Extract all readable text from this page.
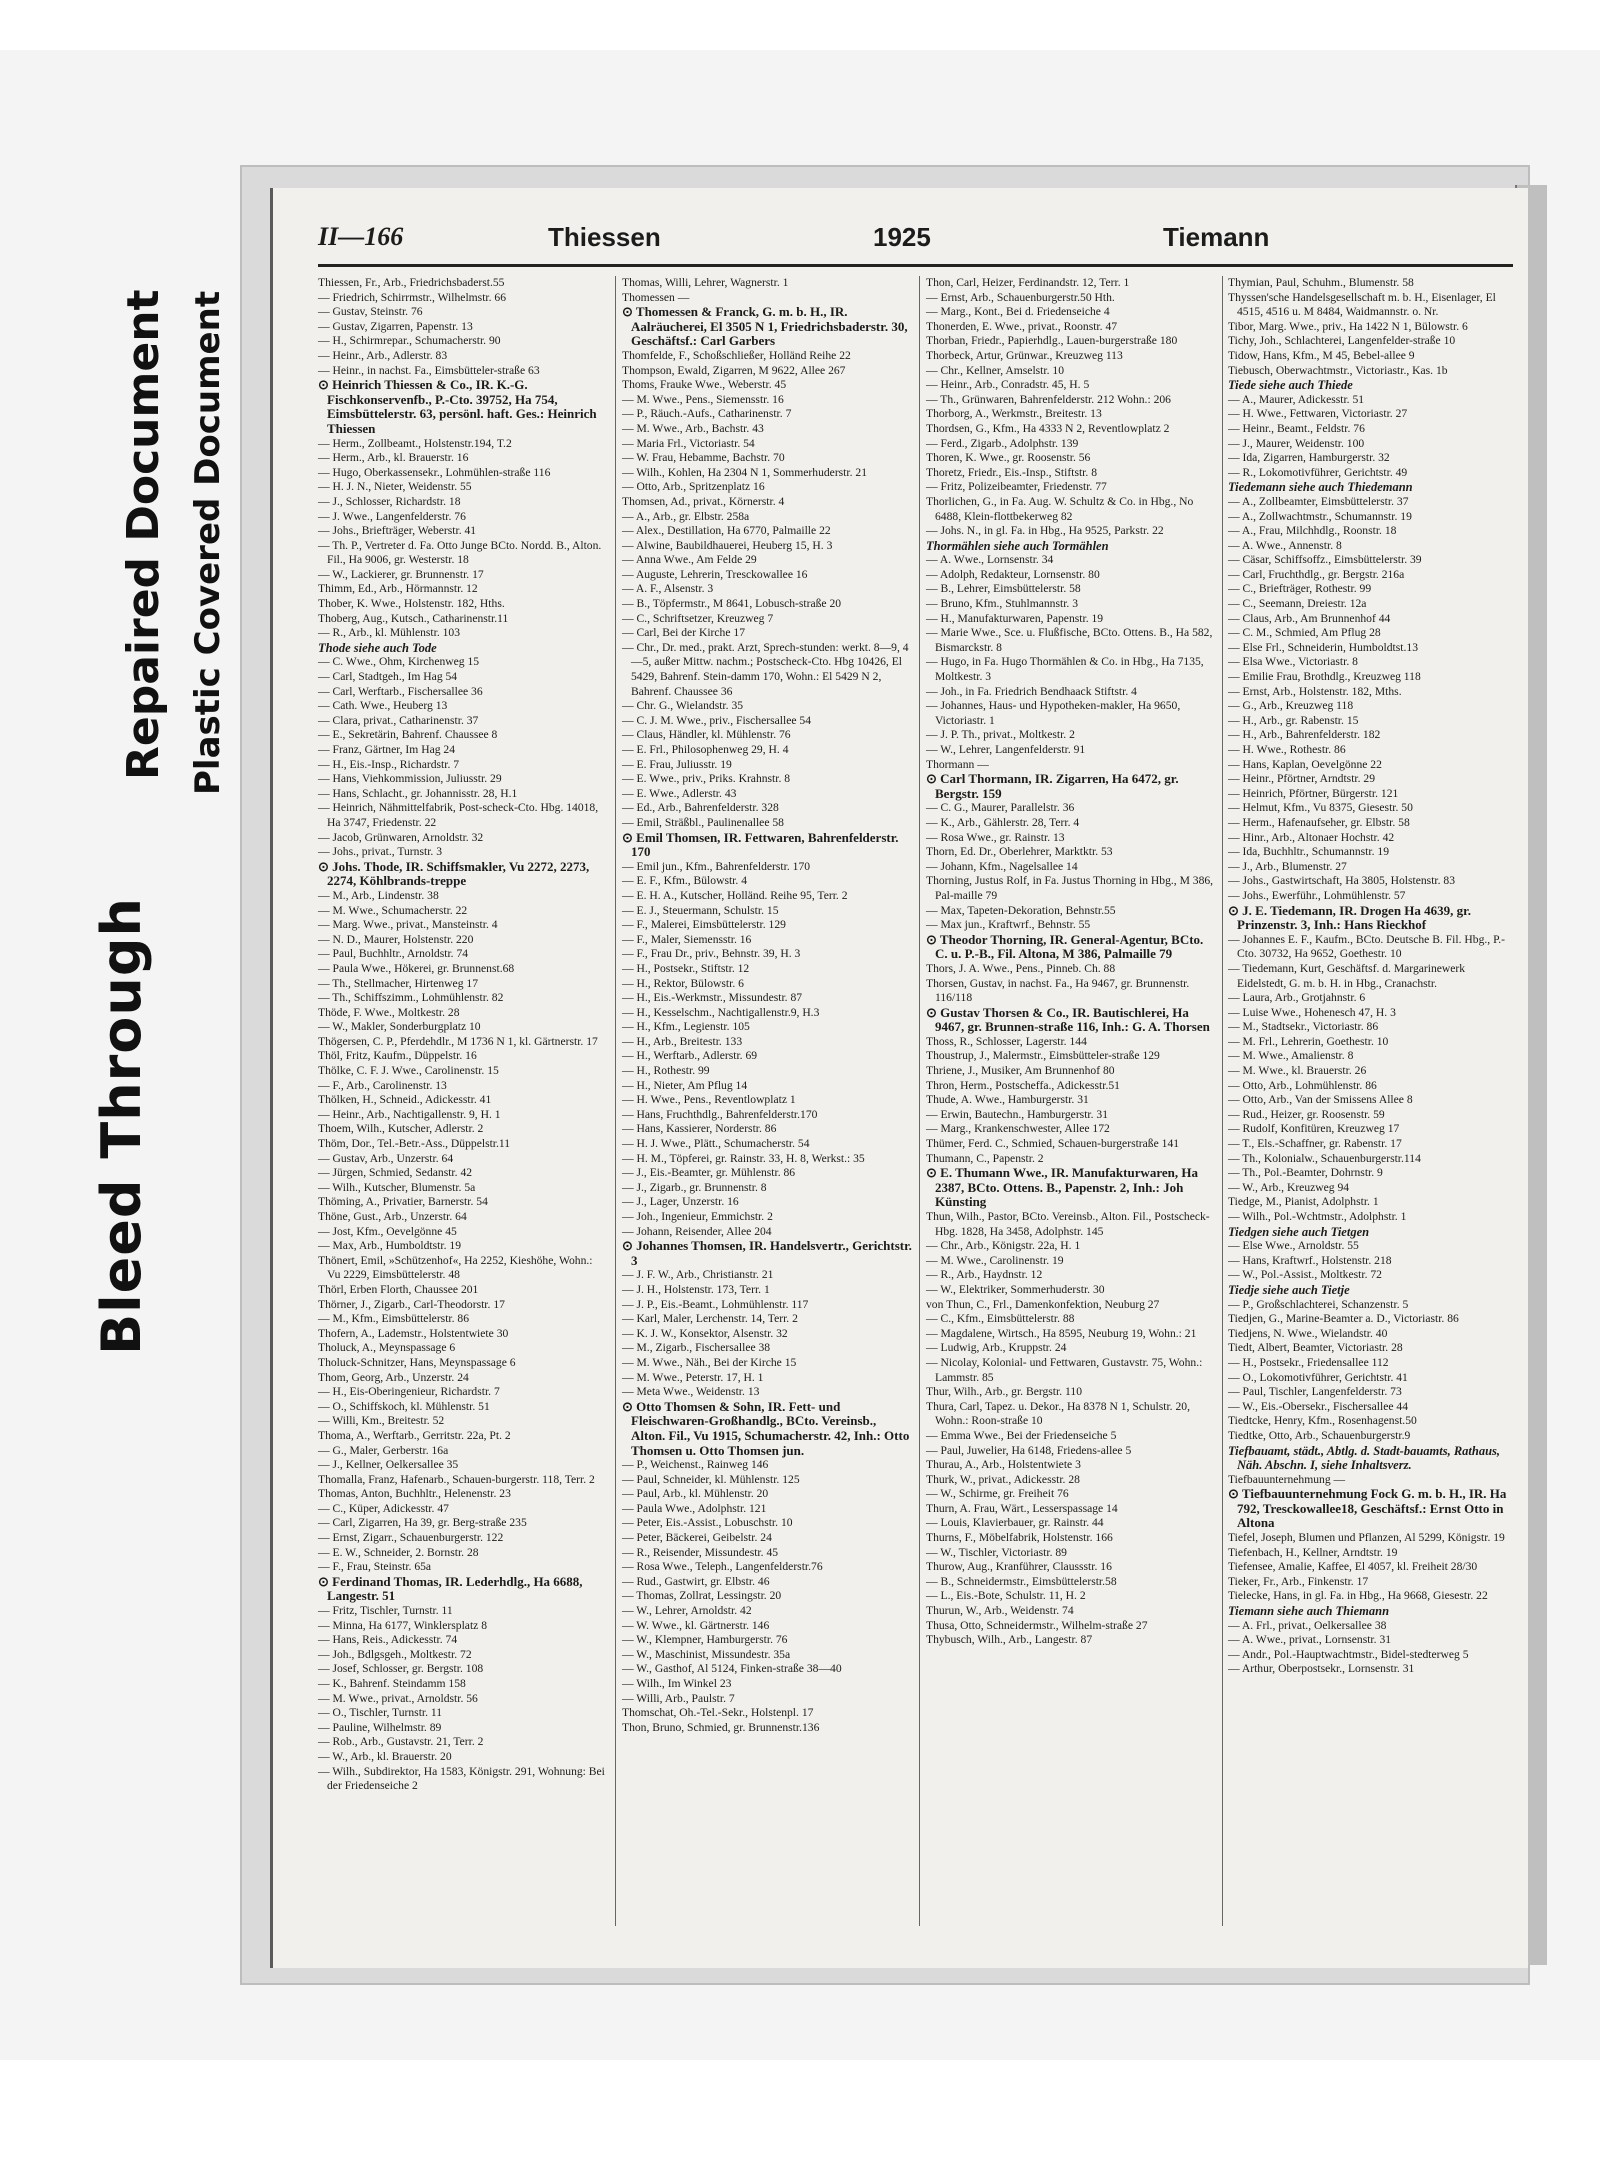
Bleed Through
Repaired Document Plastic Covered Document
II—166	Thiessen	1925	Tiemann

Thiessen, Fr., Arb., Friedrichsbaderst.55

— Friedrich, Schirrmstr., Wilhelmstr. 66

— Gustav, Steinstr. 76

— Gustav, Zigarren, Papenstr. 13

— H., Schirmrepar., Schumacherstr. 90

— Heinr., Arb., Adlerstr. 83

— Heinr., in nachst. Fa., Eimsbütteler-straße 63

⊙ Heinrich Thiessen & Co., IR. K.-G. Fischkonservenfb., P.-Cto. 39752, Ha 754, Eimsbüttelerstr. 63, persönl. haft. Ges.: Heinrich Thiessen

— Herm., Zollbeamt., Holstenstr.194, T.2

— Herm., Arb., kl. Brauerstr. 16

— Hugo, Oberkassensekr., Lohmühlen-straße 116

— H. J. N., Nieter, Weidenstr. 55

— J., Schlosser, Richardstr. 18

— J. Wwe., Langenfelderstr. 76

— Johs., Briefträger, Weberstr. 41

— Th. P., Vertreter d. Fa. Otto Junge BCto. Nordd. B., Alton. Fil., Ha 9006, gr. Westerstr. 18

— W., Lackierer, gr. Brunnenstr. 17

Thimm, Ed., Arb., Hörmannstr. 12

Thober, K. Wwe., Holstenstr. 182, Hths.

Thoberg, Aug., Kutsch., Catharinenstr.11

— R., Arb., kl. Mühlenstr. 103

Thode siehe auch Tode

— C. Wwe., Ohm, Kirchenweg 15

— Carl, Stadtgeh., Im Hag 54

— Carl, Werftarb., Fischersallee 36

— Cath. Wwe., Heuberg 13

— Clara, privat., Catharinenstr. 37

— E., Sekretärin, Bahrenf. Chaussee 8

— Franz, Gärtner, Im Hag 24

— H., Eis.-Insp., Richardstr. 7

— Hans, Viehkommission, Juliusstr. 29

— Hans, Schlacht., gr. Johannisstr. 28, H.1

— Heinrich, Nähmittelfabrik, Post-scheck-Cto. Hbg. 14018, Ha 3747, Friedenstr. 22

— Jacob, Grünwaren, Arnoldstr. 32

— Johs., privat., Turnstr. 3

⊙ Johs. Thode, IR. Schiffsmakler, Vu 2272, 2273, 2274, Köhlbrands-treppe

— M., Arb., Lindenstr. 38

— M. Wwe., Schumacherstr. 22

— Marg. Wwe., privat., Mansteinstr. 4

— N. D., Maurer, Holstenstr. 220

— Paul, Buchhltr., Arnoldstr. 74

— Paula Wwe., Hökerei, gr. Brunnenst.68

— Th., Stellmacher, Hirtenweg 17

— Th., Schiffszimm., Lohmühlenstr. 82

Thöde, F. Wwe., Moltkestr. 28

— W., Makler, Sonderburgplatz 10

Thögersen, C. P., Pferdehdlr., M 1736 N 1, kl. Gärtnerstr. 17

Thöl, Fritz, Kaufm., Düppelstr. 16

Thölke, C. F. J. Wwe., Carolinenstr. 15

— F., Arb., Carolinenstr. 13

Thölken, H., Schneid., Adickesstr. 41

— Heinr., Arb., Nachtigallenstr. 9, H. 1

Thoem, Wilh., Kutscher, Adlerstr. 2

Thöm, Dor., Tel.-Betr.-Ass., Düppelstr.11

— Gustav, Arb., Unzerstr. 64

— Jürgen, Schmied, Sedanstr. 42

— Wilh., Kutscher, Blumenstr. 5a

Thöming, A., Privatier, Barnerstr. 54

Thöne, Gust., Arb., Unzerstr. 64

— Jost, Kfm., Oevelgönne 45

— Max, Arb., Humboldtstr. 19

Thönert, Emil, »Schützenhof«, Ha 2252, Kieshöhe, Wohn.: Vu 2229, Eimsbüttelerstr. 48

Thörl, Erben Florth, Chaussee 201

Thörner, J., Zigarb., Carl-Theodorstr. 17

— M., Kfm., Eimsbüttelerstr. 86

Thofern, A., Lademstr., Holstentwiete 30

Tholuck, A., Meynspassage 6

Tholuck-Schnitzer, Hans, Meynspassage 6

Thom, Georg, Arb., Unzerstr. 24

— H., Eis-Oberingenieur, Richardstr. 7

— O., Schiffskoch, kl. Mühlenstr. 51

— Willi, Km., Breitestr. 52

Thoma, A., Werftarb., Gerritstr. 22a, Pt. 2

— G., Maler, Gerberstr. 16a

— J., Kellner, Oelkersallee 35

Thomalla, Franz, Hafenarb., Schauen-burgerstr. 118, Terr. 2

Thomas, Anton, Buchhltr., Helenenstr. 23

— C., Küper, Adickesstr. 47

— Carl, Zigarren, Ha 39, gr. Berg-straße 235

— Ernst, Zigarr., Schauenburgerstr. 122

— E. W., Schneider, 2. Bornstr. 28

— F., Frau, Steinstr. 65a

⊙ Ferdinand Thomas, IR. Lederhdlg., Ha 6688, Langestr. 51

— Fritz, Tischler, Turnstr. 11

— Minna, Ha 6177, Winklersplatz 8

— Hans, Reis., Adickesstr. 74

— Joh., Bdlgsgeh., Moltkestr. 72

— Josef, Schlosser, gr. Bergstr. 108

— K., Bahrenf. Steindamm 158

— M. Wwe., privat., Arnoldstr. 56

— O., Tischler, Turnstr. 11

— Pauline, Wilhelmstr. 89

— Rob., Arb., Gustavstr. 21, Terr. 2

— W., Arb., kl. Brauerstr. 20

— Wilh., Subdirektor, Ha 1583, Königstr. 291, Wohnung: Bei der Friedenseiche 2

Thomas, Willi, Lehrer, Wagnerstr. 1

Thomessen —

⊙ Thomessen & Franck, G. m. b. H., IR. Aalräucherei, El 3505 N 1, Friedrichsbaderstr. 30, Geschäftsf.: Carl Garbers

Thomfelde, F., Schoßschließer, Holländ Reihe 22

Thompson, Ewald, Zigarren, M 9622, Allee 267

Thoms, Frauke Wwe., Weberstr. 45

— M. Wwe., Pens., Siemensstr. 16

— P., Räuch.-Aufs., Catharinenstr. 7

— M. Wwe., Arb., Bachstr. 43

— Maria Frl., Victoriastr. 54

— W. Frau, Hebamme, Bachstr. 70

— Wilh., Kohlen, Ha 2304 N 1, Sommerhuderstr. 21

— Otto, Arb., Spritzenplatz 16

Thomsen, Ad., privat., Körnerstr. 4

— A., Arb., gr. Elbstr. 258a

— Alex., Destillation, Ha 6770, Palmaille 22

— Alwine, Baubildhauerei, Heuberg 15, H. 3

— Anna Wwe., Am Felde 29

— Auguste, Lehrerin, Tresckowallee 16

— A. F., Alsenstr. 3

— B., Töpfermstr., M 8641, Lobusch-straße 20

— C., Schriftsetzer, Kreuzweg 7

— Carl, Bei der Kirche 17

— Chr., Dr. med., prakt. Arzt, Sprech-stunden: werkt. 8—9, 4—5, außer Mittw. nachm.; Postscheck-Cto. Hbg 10426, El 5429, Bahrenf. Stein-damm 170, Wohn.: El 5429 N 2, Bahrenf. Chaussee 36

— Chr. G., Wielandstr. 35

— C. J. M. Wwe., priv., Fischersallee 54

— Claus, Händler, kl. Mühlenstr. 76

— E. Frl., Philosophenweg 29, H. 4

— E. Frau, Juliusstr. 19

— E. Wwe., priv., Priks. Krahnstr. 8

— E. Wwe., Adlerstr. 43

— Ed., Arb., Bahrenfelderstr. 328

— Emil, Sträßbl., Paulinenallee 58

⊙ Emil Thomsen, IR. Fettwaren, Bahrenfelderstr. 170

— Emil jun., Kfm., Bahrenfelderstr. 170

— E. F., Kfm., Bülowstr. 4

— E. H. A., Kutscher, Holländ. Reihe 95, Terr. 2

— E. J., Steuermann, Schulstr. 15

— F., Malerei, Eimsbüttelerstr. 129

— F., Maler, Siemensstr. 16

— F., Frau Dr., priv., Behnstr. 39, H. 3

— H., Postsekr., Stiftstr. 12

— H., Rektor, Bülowstr. 6

— H., Eis.-Werkmstr., Missundestr. 87

— H., Kesselschm., Nachtigallenstr.9, H.3

— H., Kfm., Legienstr. 105

— H., Arb., Breitestr. 133

— H., Werftarb., Adlerstr. 69

— H., Rothestr. 99

— H., Nieter, Am Pflug 14

— H. Wwe., Pens., Reventlowplatz 1

— Hans, Fruchthdlg., Bahrenfelderstr.170

— Hans, Kassierer, Norderstr. 86

— H. J. Wwe., Plätt., Schumacherstr. 54

— H. M., Töpferei, gr. Rainstr. 33, H. 8, Werkst.: 35

— J., Eis.-Beamter, gr. Mühlenstr. 86

— J., Zigarb., gr. Brunnenstr. 8

— J., Lager, Unzerstr. 16

— Joh., Ingenieur, Emmichstr. 2

— Johann, Reisender, Allee 204

⊙ Johannes Thomsen, IR. Handelsvertr., Gerichtstr. 3

— J. F. W., Arb., Christianstr. 21

— J. H., Holstenstr. 173, Terr. 1

— J. P., Eis.-Beamt., Lohmühlenstr. 117

— Karl, Maler, Lerchenstr. 14, Terr. 2

— K. J. W., Konsektor, Alsenstr. 32

— M., Zigarb., Fischersallee 38

— M. Wwe., Näh., Bei der Kirche 15

— M. Wwe., Peterstr. 17, H. 1

— Meta Wwe., Weidenstr. 13

⊙ Otto Thomsen & Sohn, IR. Fett- und Fleischwaren-Großhandlg., BCto. Vereinsb., Alton. Fil., Vu 1915, Schumacherstr. 42, Inh.: Otto Thomsen u. Otto Thomsen jun.

— P., Weichenst., Rainweg 146

— Paul, Schneider, kl. Mühlenstr. 125

— Paul, Arb., kl. Mühlenstr. 20

— Paula Wwe., Adolphstr. 121

— Peter, Eis.-Assist., Lobuschstr. 10

— Peter, Bäckerei, Geibelstr. 24

— R., Reisender, Missundestr. 45

— Rosa Wwe., Teleph., Langenfelderstr.76

— Rud., Gastwirt, gr. Elbstr. 46

— Thomas, Zollrat, Lessingstr. 20

— W., Lehrer, Arnoldstr. 42

— W. Wwe., kl. Gärtnerstr. 146

— W., Klempner, Hamburgerstr. 76

— W., Maschinist, Missundestr. 35a

— W., Gasthof, Al 5124, Finken-straße 38—40

— Wilh., Im Winkel 23

— Willi, Arb., Paulstr. 7

Thomschat, Oh.-Tel.-Sekr., Holstenpl. 17

Thon, Bruno, Schmied, gr. Brunnenstr.136

Thon, Carl, Heizer, Ferdinandstr. 12, Terr. 1

— Ernst, Arb., Schauenburgerstr.50 Hth.

— Marg., Kont., Bei d. Friedenseiche 4

Thonerden, E. Wwe., privat., Roonstr. 47

Thorban, Friedr., Papierhdlg., Lauen-burgerstraße 180

Thorbeck, Artur, Grünwar., Kreuzweg 113

— Chr., Kellner, Amselstr. 10

— Heinr., Arb., Conradstr. 45, H. 5

— Th., Grünwaren, Bahrenfelderstr. 212 Wohn.: 206

Thorborg, A., Werkmstr., Breitestr. 13

Thordsen, G., Kfm., Ha 4333 N 2, Reventlowplatz 2

— Ferd., Zigarb., Adolphstr. 139

Thoren, K. Wwe., gr. Roosenstr. 56

Thoretz, Friedr., Eis.-Insp., Stiftstr. 8

— Fritz, Polizeibeamter, Friedenstr. 77

Thorlichen, G., in Fa. Aug. W. Schultz & Co. in Hbg., No 6488, Klein-flottbekerweg 82

— Johs. N., in gl. Fa. in Hbg., Ha 9525, Parkstr. 22

Thormählen siehe auch Tormählen

— A. Wwe., Lornsenstr. 34

— Adolph, Redakteur, Lornsenstr. 80

— B., Lehrer, Eimsbüttelerstr. 58

— Bruno, Kfm., Stuhlmannstr. 3

— H., Manufakturwaren, Papenstr. 19

— Marie Wwe., Sce. u. Flußfische, BCto. Ottens. B., Ha 582, Bismarckstr. 8

— Hugo, in Fa. Hugo Thormählen & Co. in Hbg., Ha 7135, Moltkestr. 3

— Joh., in Fa. Friedrich Bendhaack Stiftstr. 4

— Johannes, Haus- und Hypotheken-makler, Ha 9650, Victoriastr. 1

— J. P. Th., privat., Moltkestr. 2

— W., Lehrer, Langenfelderstr. 91

Thormann —

⊙ Carl Thormann, IR. Zigarren, Ha 6472, gr. Bergstr. 159

— C. G., Maurer, Parallelstr. 36

— K., Arb., Gählerstr. 28, Terr. 4

— Rosa Wwe., gr. Rainstr. 13

Thorn, Ed. Dr., Oberlehrer, Marktktr. 53

— Johann, Kfm., Nagelsallee 14

Thorning, Justus Rolf, in Fa. Justus Thorning in Hbg., M 386, Pal-maille 79

— Max, Tapeten-Dekoration, Behnstr.55

— Max jun., Kraftwrf., Behnstr. 55

⊙ Theodor Thorning, IR. General-Agentur, BCto. C. u. P.-B., Fil. Altona, M 386, Palmaille 79

Thors, J. A. Wwe., Pens., Pinneb. Ch. 88

Thorsen, Gustav, in nachst. Fa., Ha 9467, gr. Brunnenstr. 116/118

⊙ Gustav Thorsen & Co., IR. Bautischlerei, Ha 9467, gr. Brunnen-straße 116, Inh.: G. A. Thorsen

Thoss, R., Schlosser, Lagerstr. 144

Thoustrup, J., Malermstr., Eimsbütteler-straße 129

Thriene, J., Musiker, Am Brunnenhof 80

Thron, Herm., Postscheffa., Adickesstr.51

Thude, A. Wwe., Hamburgerstr. 31

— Erwin, Bautechn., Hamburgerstr. 31

— Marg., Krankenschwester, Allee 172

Thümer, Ferd. C., Schmied, Schauen-burgerstraße 141

Thumann, C., Papenstr. 2

⊙ E. Thumann Wwe., IR. Manufakturwaren, Ha 2387, BCto. Ottens. B., Papenstr. 2, Inh.: Joh Künsting

Thun, Wilh., Pastor, BCto. Vereinsb., Alton. Fil., Postscheck-Hbg. 1828, Ha 3458, Adolphstr. 145

— Chr., Arb., Königstr. 22a, H. 1

— M. Wwe., Carolinenstr. 19

— R., Arb., Haydnstr. 12

— W., Elektriker, Sommerhuderstr. 30

von Thun, C., Frl., Damenkonfektion, Neuburg 27

— C., Kfm., Eimsbüttelerstr. 88

— Magdalene, Wirtsch., Ha 8595, Neuburg 19, Wohn.: 21

— Ludwig, Arb., Kruppstr. 24

— Nicolay, Kolonial- und Fettwaren, Gustavstr. 75, Wohn.: Lammstr. 85

Thur, Wilh., Arb., gr. Bergstr. 110

Thura, Carl, Tapez. u. Dekor., Ha 8378 N 1, Schulstr. 20, Wohn.: Roon-straße 10

— Emma Wwe., Bei der Friedenseiche 5

— Paul, Juwelier, Ha 6148, Friedens-allee 5

Thurau, A., Arb., Holstentwiete 3

Thurk, W., privat., Adickesstr. 28

— W., Schirme, gr. Freiheit 76

Thurn, A. Frau, Wärt., Lesserspassage 14

— Louis, Klavierbauer, gr. Rainstr. 44

Thurns, F., Möbelfabrik, Holstenstr. 166

— W., Tischler, Victoriastr. 89

Thurow, Aug., Kranführer, Claussstr. 16

— B., Schneidermstr., Eimsbüttelerstr.58

— L., Eis.-Bote, Schulstr. 11, H. 2

Thurun, W., Arb., Weidenstr. 74

Thusa, Otto, Schneidermstr., Wilhelm-straße 27

Thybusch, Wilh., Arb., Langestr. 87

Thymian, Paul, Schuhm., Blumenstr. 58

Thyssen'sche Handelsgesellschaft m. b. H., Eisenlager, El 4515, 4516 u. M 8484, Waidmannstr. o. Nr.

Tibor, Marg. Wwe., priv., Ha 1422 N 1, Bülowstr. 6

Tichy, Joh., Schlachterei, Langenfelder-straße 10

Tidow, Hans, Kfm., M 45, Bebel-allee 9

Tiebusch, Oberwachtmstr., Victoriastr., Kas. 1b

Tiede siehe auch Thiede

— A., Maurer, Adickesstr. 51

— H. Wwe., Fettwaren, Victoriastr. 27

— Heinr., Beamt., Feldstr. 76

— J., Maurer, Weidenstr. 100

— Ida, Zigarren, Hamburgerstr. 32

— R., Lokomotivführer, Gerichtstr. 49

Tiedemann siehe auch Thiedemann

— A., Zollbeamter, Eimsbüttelerstr. 37

— A., Zollwachtmstr., Schumannstr. 19

— A., Frau, Milchhdlg., Roonstr. 18

— A. Wwe., Annenstr. 8

— Cäsar, Schiffsoffz., Eimsbüttelerstr. 39

— Carl, Fruchthdlg., gr. Bergstr. 216a

— C., Briefträger, Rothestr. 99

— C., Seemann, Dreiestr. 12a

— Claus, Arb., Am Brunnenhof 44

— C. M., Schmied, Am Pflug 28

— Else Frl., Schneiderin, Humboldtst.13

— Elsa Wwe., Victoriastr. 8

— Emilie Frau, Brothdlg., Kreuzweg 118

— Ernst, Arb., Holstenstr. 182, Mths.

— G., Arb., Kreuzweg 118

— H., Arb., gr. Rabenstr. 15

— H., Arb., Bahrenfelderstr. 182

— H. Wwe., Rothestr. 86

— Hans, Kaplan, Oevelgönne 22

— Heinr., Pförtner, Arndtstr. 29

— Heinrich, Pförtner, Bürgerstr. 121

— Helmut, Kfm., Vu 8375, Giesestr. 50

— Herm., Hafenaufseher, gr. Elbstr. 58

— Hinr., Arb., Altonaer Hochstr. 42

— Ida, Buchhltr., Schumannstr. 19

— J., Arb., Blumenstr. 27

— Johs., Gastwirtschaft, Ha 3805, Holstenstr. 83

— Johs., Ewerführ., Lohmühlenstr. 57

⊙ J. E. Tiedemann, IR. Drogen Ha 4639, gr. Prinzenstr. 3, Inh.: Hans Rieckhof

— Johannes E. F., Kaufm., BCto. Deutsche B. Fil. Hbg., P.-Cto. 30732, Ha 9652, Goethestr. 10

— Tiedemann, Kurt, Geschäftsf. d. Margarinewerk Eidelstedt, G. m. b. H. in Hbg., Cranachstr.

— Laura, Arb., Grotjahnstr. 6

— Luise Wwe., Hohenesch 47, H. 3

— M., Stadtsekr., Victoriastr. 86

— M. Frl., Lehrerin, Goethestr. 10

— M. Wwe., Amalienstr. 8

— M. Wwe., kl. Brauerstr. 26

— Otto, Arb., Lohmühlenstr. 86

— Otto, Arb., Van der Smissens Allee 8

— Rud., Heizer, gr. Roosenstr. 59

— Rudolf, Konfitüren, Kreuzweg 17

— T., Els.-Schaffner, gr. Rabenstr. 17

— Th., Kolonialw., Schauenburgerstr.114

— Th., Pol.-Beamter, Dohrnstr. 9

— W., Arb., Kreuzweg 94

Tiedge, M., Pianist, Adolphstr. 1

— Wilh., Pol.-Wchtmstr., Adolphstr. 1

Tiedgen siehe auch Tietgen

— Else Wwe., Arnoldstr. 55

— Hans, Kraftwrf., Holstenstr. 218

— W., Pol.-Assist., Moltkestr. 72

Tiedje siehe auch Tietje

— P., Großschlachterei, Schanzenstr. 5

Tiedjen, G., Marine-Beamter a. D., Victoriastr. 86

Tiedjens, N. Wwe., Wielandstr. 40

Tiedt, Albert, Beamter, Victoriastr. 28

— H., Postsekr., Friedensallee 112

— O., Lokomotivführer, Gerichtstr. 41

— Paul, Tischler, Langenfelderstr. 73

— W., Eis.-Obersekr., Fischersallee 44

Tiedtcke, Henry, Kfm., Rosenhagenst.50

Tiedtke, Otto, Arb., Schauenburgerstr.9

Tiefbauamt, städt., Abtlg. d. Stadt-bauamts, Rathaus, Näh. Abschn. I, siehe Inhaltsverz.

Tiefbauunternehmung —

⊙ Tiefbauunternehmung Fock G. m. b. H., IR. Ha 792, Tresckowallee18, Geschäftsf.: Ernst Otto in Altona

Tiefel, Joseph, Blumen und Pflanzen, Al 5299, Königstr. 19

Tiefenbach, H., Kellner, Arndtstr. 19

Tiefensee, Amalie, Kaffee, El 4057, kl. Freiheit 28/30

Tieker, Fr., Arb., Finkenstr. 17

Tielecke, Hans, in gl. Fa. in Hbg., Ha 9668, Giesestr. 22

Tiemann siehe auch Thiemann

— A. Frl., privat., Oelkersallee 38

— A. Wwe., privat., Lornsenstr. 31

— Andr., Pol.-Hauptwachtmstr., Bidel-stedterweg 5

— Arthur, Oberpostsekr., Lornsenstr. 31
